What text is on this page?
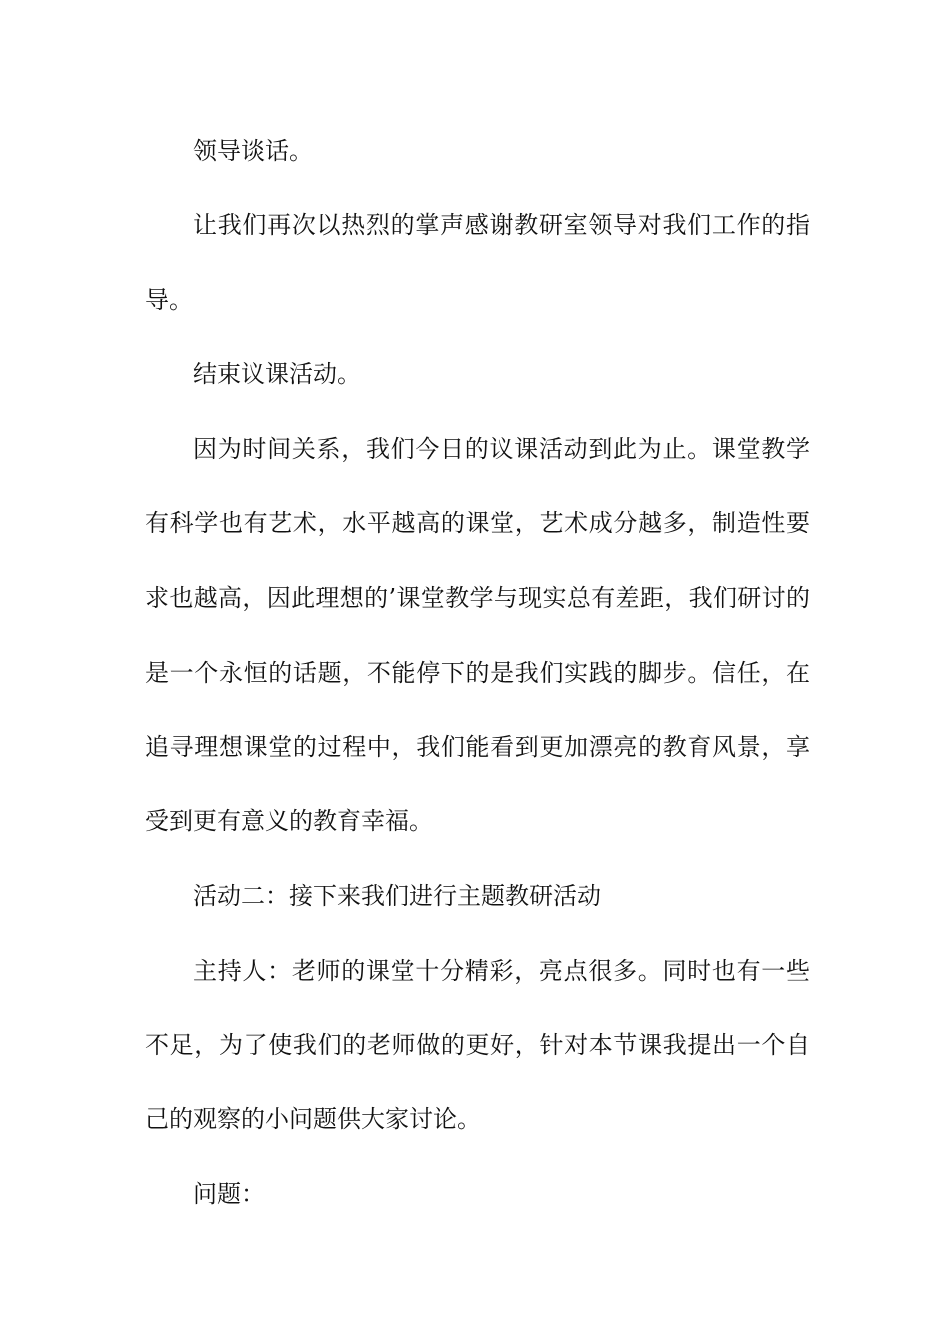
领导谈话。
让我们再次以热烈的掌声感谢教研室领导对我们工作的指
导。
结束议课活动。
因为时间关系，我们今日的议课活动到此为止。课堂教学
有科学也有艺术，水平越高的课堂，艺术成分越多，制造性要
求也越高，因此理想的’课堂教学与现实总有差距，我们研讨的
是一个永恒的话题，不能停下的是我们实践的脚步。信任，在
追寻理想课堂的过程中，我们能看到更加漂亮的教育风景，享
受到更有意义的教育幸福。
活动二：接下来我们进行主题教研活动
主持人：老师的课堂十分精彩，亮点很多。同时也有一些
不足，为了使我们的老师做的更好，针对本节课我提出一个自
己的观察的小问题供大家讨论。
问题：
